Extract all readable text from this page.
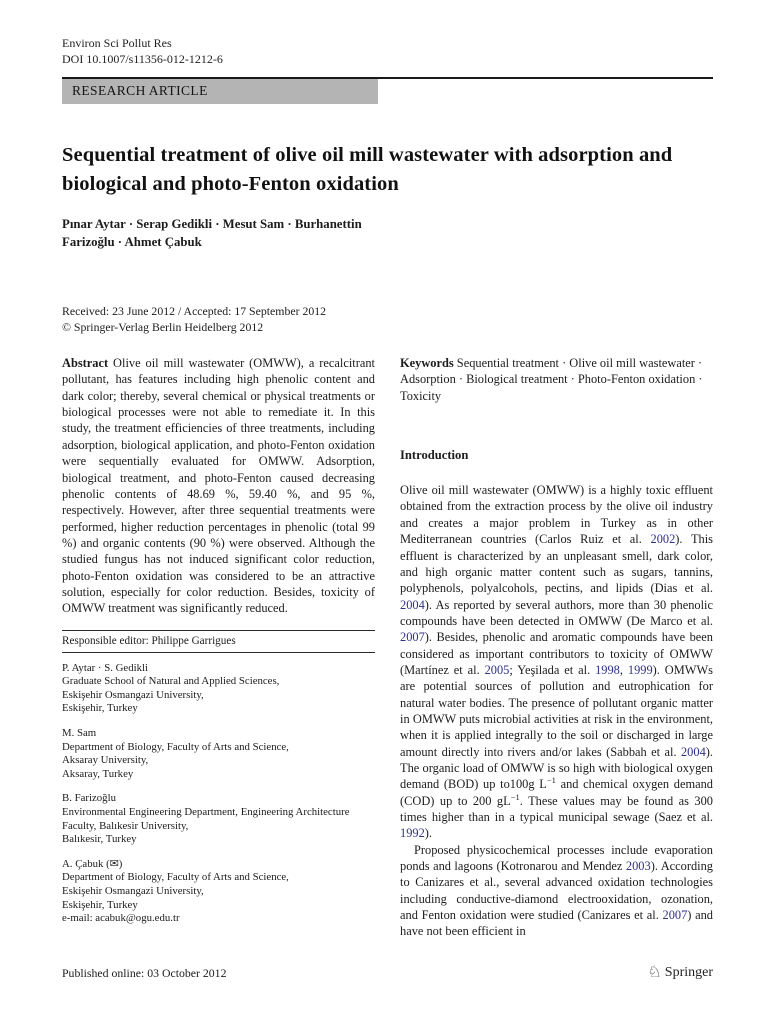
Environ Sci Pollut Res
DOI 10.1007/s11356-012-1212-6
RESEARCH ARTICLE
Sequential treatment of olive oil mill wastewater with adsorption and biological and photo-Fenton oxidation
Pınar Aytar · Serap Gedikli · Mesut Sam · Burhanettin Farizoğlu · Ahmet Çabuk
Received: 23 June 2012 / Accepted: 17 September 2012
© Springer-Verlag Berlin Heidelberg 2012

Abstract Olive oil mill wastewater (OMWW), a recalcitrant pollutant, has features including high phenolic content and dark color; thereby, several chemical or physical treatments or biological processes were not able to remediate it. In this study, the treatment efficiencies of three treatments, including adsorption, biological application, and photo-Fenton oxidation were sequentially evaluated for OMWW. Adsorption, biological treatment, and photo-Fenton caused decreasing phenolic contents of 48.69 %, 59.40 %, and 95 %, respectively. However, after three sequential treatments were performed, higher reduction percentages in phenolic (total 99 %) and organic contents (90 %) were observed. Although the studied fungus has not induced significant color reduction, photo-Fenton oxidation was considered to be an attractive solution, especially for color reduction. Besides, toxicity of OMWW treatment was significantly reduced.

Responsible editor: Philippe Garrigues
P. Aytar · S. Gedikli
Graduate School of Natural and Applied Sciences,
Eskişehir Osmangazi University,
Eskişehir, Turkey
M. Sam
Department of Biology, Faculty of Arts and Science,
Aksaray University,
Aksaray, Turkey
B. Farizoğlu
Environmental Engineering Department, Engineering Architecture
Faculty, Balıkesir University,
Balıkesir, Turkey
A. Çabuk (✉)
Department of Biology, Faculty of Arts and Science,
Eskişehir Osmangazi University,
Eskişehir, Turkey
e-mail: acabuk@ogu.edu.tr
Published online: 03 October 2012

Keywords Sequential treatment · Olive oil mill wastewater · Adsorption · Biological treatment · Photo-Fenton oxidation · Toxicity

Introduction

Olive oil mill wastewater (OMWW) is a highly toxic effluent obtained from the extraction process by the olive oil industry and creates a major problem in Turkey as in other Mediterranean countries (Carlos Ruiz et al. 2002). This effluent is characterized by an unpleasant smell, dark color, and high organic matter content such as sugars, tannins, polyphenols, polyalcohols, pectins, and lipids (Dias et al. 2004). As reported by several authors, more than 30 phenolic compounds have been detected in OMWW (De Marco et al. 2007). Besides, phenolic and aromatic compounds have been considered as important contributors to toxicity of OMWW (Martínez et al. 2005; Yeşilada et al. 1998, 1999). OMWWs are potential sources of pollution and eutrophication for natural water bodies. The presence of pollutant organic matter in OMWW puts microbial activities at risk in the environment, when it is applied integrally to the soil or discharged in large amount directly into rivers and/or lakes (Sabbah et al. 2004). The organic load of OMWW is so high with biological oxygen demand (BOD) up to100g $L^{-1}$ and chemical oxygen demand (COD) up to 200 $gL^{-1}$. These values may be found as 300 times higher than in a typical municipal sewage (Saez et al. 1992).

Proposed physicochemical processes include evaporation ponds and lagoons (Kotronarou and Mendez 2003). According to Canizares et al., several advanced oxidation technologies including conductive-diamond electrooxidation, ozonation, and Fenton oxidation were studied (Canizares et al. 2007) and have not been efficient in

♘ Springer
